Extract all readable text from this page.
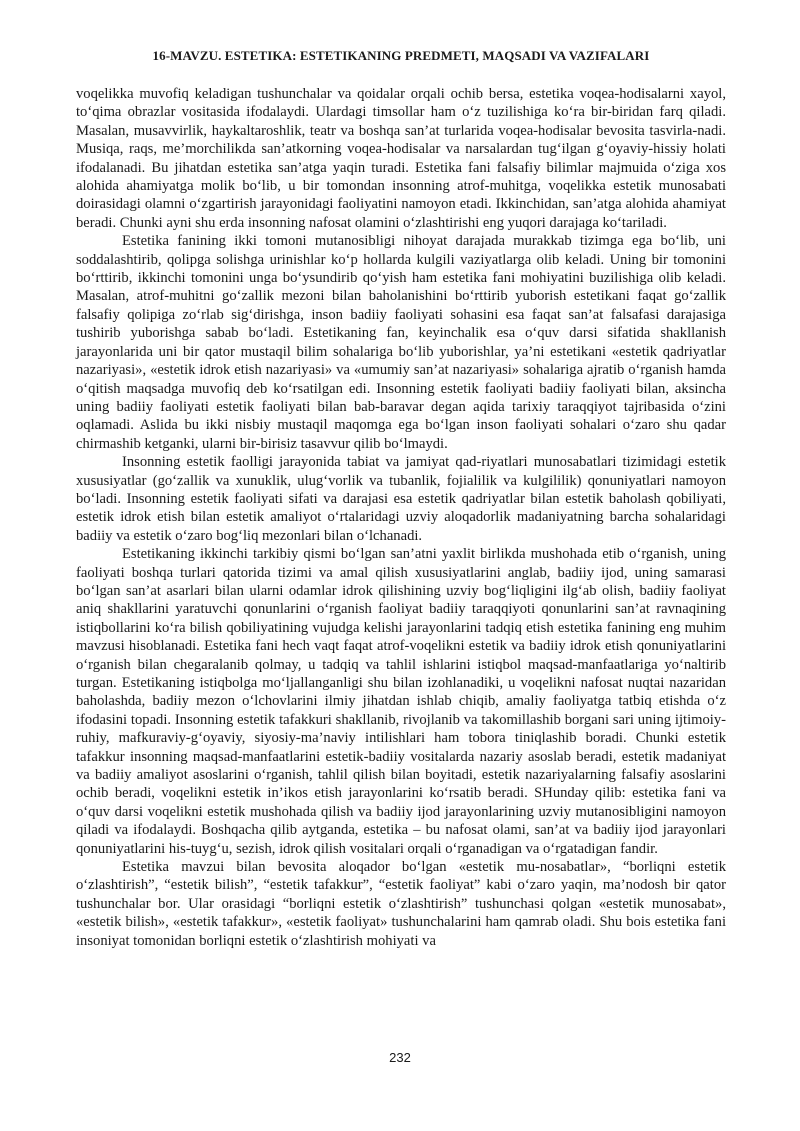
16-MAVZU. ESTETIKA: ESTETIKANING PREDMETI, MAQSADI VA VAZIFALARI

voqelikka muvofiq keladigan tushunchalar va qoidalar orqali ochib bersa, estetika voqea-hodisalarni xayol, to‘qima obrazlar vositasida ifodalaydi. Ulardagi timsollar ham o‘z tuzilishiga ko‘ra bir-biridan farq qiladi. Masalan, musavvirlik, haykaltaroshlik, teatr va boshqa san’at turlarida voqea-hodisalar bevosita tasvirla-nadi. Musiqa, raqs, me’morchilikda san’atkorning voqea-hodisalar va narsalardan tug‘ilgan g‘oyaviy-hissiy holati ifodalanadi. Bu jihatdan estetika san’atga yaqin turadi. Estetika fani falsafiy bilimlar majmuida o‘ziga xos alohida ahamiyatga molik bo‘lib, u bir tomondan insonning atrof-muhitga, voqelikka estetik munosabati doirasidagi olamni o‘zgartirish jarayonidagi faoliyatini namoyon etadi. Ikkinchidan, san’atga alohida ahamiyat beradi. Chunki ayni shu erda insonning nafosat olamini o‘zlashtirishi eng yuqori darajaga ko‘tariladi.

Estetika fanining ikki tomoni mutanosibligi nihoyat darajada murakkab tizimga ega bo‘lib, uni soddalashtirib, qolipga solishga urinishlar ko‘p hollarda kulgili vaziyatlarga olib keladi. Uning bir tomonini bo‘rttirib, ikkinchi tomonini unga bo‘ysundirib qo‘yish ham estetika fani mohiyatini buzilishiga olib keladi. Masalan, atrof-muhitni go‘zallik mezoni bilan baholanishini bo‘rttirib yuborish estetikani faqat go‘zallik falsafiy qolipiga zo‘rlab sig‘dirishga, inson badiiy faoliyati sohasini esa faqat san’at falsafasi darajasiga tushirib yuborishga sabab bo‘ladi. Estetikaning fan, keyinchalik esa o‘quv darsi sifatida shakllanish jarayonlarida uni bir qator mustaqil bilim sohalariga bo‘lib yuborishlar, ya’ni estetikani «estetik qadriyatlar nazariyasi», «estetik idrok etish nazariyasi» va «umumiy san’at nazariyasi» sohalariga ajratib o‘rganish hamda o‘qitish maqsadga muvofiq deb ko‘rsatilgan edi. Insonning estetik faoliyati badiiy faoliyati bilan, aksincha uning badiiy faoliyati estetik faoliyati bilan bab-baravar degan aqida tarixiy taraqqiyot tajribasida o‘zini oqlamadi. Aslida bu ikki nisbiy mustaqil maqomga ega bo‘lgan inson faoliyati sohalari o‘zaro shu qadar chirmashib ketganki, ularni bir-birisiz tasavvur qilib bo‘lmaydi.

Insonning estetik faolligi jarayonida tabiat va jamiyat qad-riyatlari munosabatlari tizimidagi estetik xususiyatlar (go‘zallik va xunuklik, ulug‘vorlik va tubanlik, fojialilik va kulgililik) qonuniyatlari namoyon bo‘ladi. Insonning estetik faoliyati sifati va darajasi esa estetik qadriyatlar bilan estetik baholash qobiliyati, estetik idrok etish bilan estetik amaliyot o‘rtalaridagi uzviy aloqadorlik madaniyatning barcha sohalaridagi badiiy va estetik o‘zaro bog‘liq mezonlari bilan o‘lchanadi.

Estetikaning ikkinchi tarkibiy qismi bo‘lgan san’atni yaxlit birlikda mushohada etib o‘rganish, uning faoliyati boshqa turlari qatorida tizimi va amal qilish xususiyatlarini anglab, badiiy ijod, uning samarasi bo‘lgan san’at asarlari bilan ularni odamlar idrok qilishining uzviy bog‘liqligini ilg‘ab olish, badiiy faoliyat aniq shakllarini yaratuvchi qonunlarini o‘rganish faoliyat badiiy taraqqiyoti qonunlarini san’at ravnaqining istiqbollarini ko‘ra bilish qobiliyatining vujudga kelishi jarayonlarini tadqiq etish estetika fanining eng muhim mavzusi hisoblanadi. Estetika fani hech vaqt faqat atrof-voqelikni estetik va badiiy idrok etish qonuniyatlarini o‘rganish bilan chegaralanib qolmay, u tadqiq va tahlil ishlarini istiqbol maqsad-manfaatlariga yo‘naltirib turgan. Estetikaning istiqbolga mo‘ljallanganligi shu bilan izohlanadiki, u voqelikni nafosat nuqtai nazaridan baholashda, badiiy mezon o‘lchovlarini ilmiy jihatdan ishlab chiqib, amaliy faoliyatga tatbiq etishda o‘z ifodasini topadi. Insonning estetik tafakkuri shakllanib, rivojlanib va takomillashib borgani sari uning ijtimoiy-ruhiy, mafkuraviy-g‘oyaviy, siyosiy-ma’naviy intilishlari ham tobora tiniqlashib boradi. Chunki estetik tafakkur insonning maqsad-manfaatlarini estetik-badiiy vositalarda nazariy asoslab beradi, estetik madaniyat va badiiy amaliyot asoslarini o‘rganish, tahlil qilish bilan boyitadi, estetik nazariyalarning falsafiy asoslarini ochib beradi, voqelikni estetik in’ikos etish jarayonlarini ko‘rsatib beradi. SHunday qilib: estetika fani va o‘quv darsi voqelikni estetik mushohada qilish va badiiy ijod jarayonlarining uzviy mutanosibligini namoyon qiladi va ifodalaydi. Boshqacha qilib aytganda, estetika – bu nafosat olami, san’at va badiiy ijod jarayonlari qonuniyatlarini his-tuyg‘u, sezish, idrok qilish vositalari orqali o‘rganadigan va o‘rgatadigan fandir.

Estetika mavzui bilan bevosita aloqador bo‘lgan «estetik mu-nosabatlar», “borliqni estetik o‘zlashtirish”, “estetik bilish”, “estetik tafakkur”, “estetik faoliyat” kabi o‘zaro yaqin, ma’nodosh bir qator tushunchalar bor. Ular orasidagi “borliqni estetik o‘zlashtirish” tushunchasi qolgan «estetik munosabat», «estetik bilish», «estetik tafakkur», «estetik faoliyat» tushunchalarini ham qamrab oladi. Shu bois estetika fani insoniyat tomonidan borliqni estetik o‘zlashtirish mohiyati va

232
